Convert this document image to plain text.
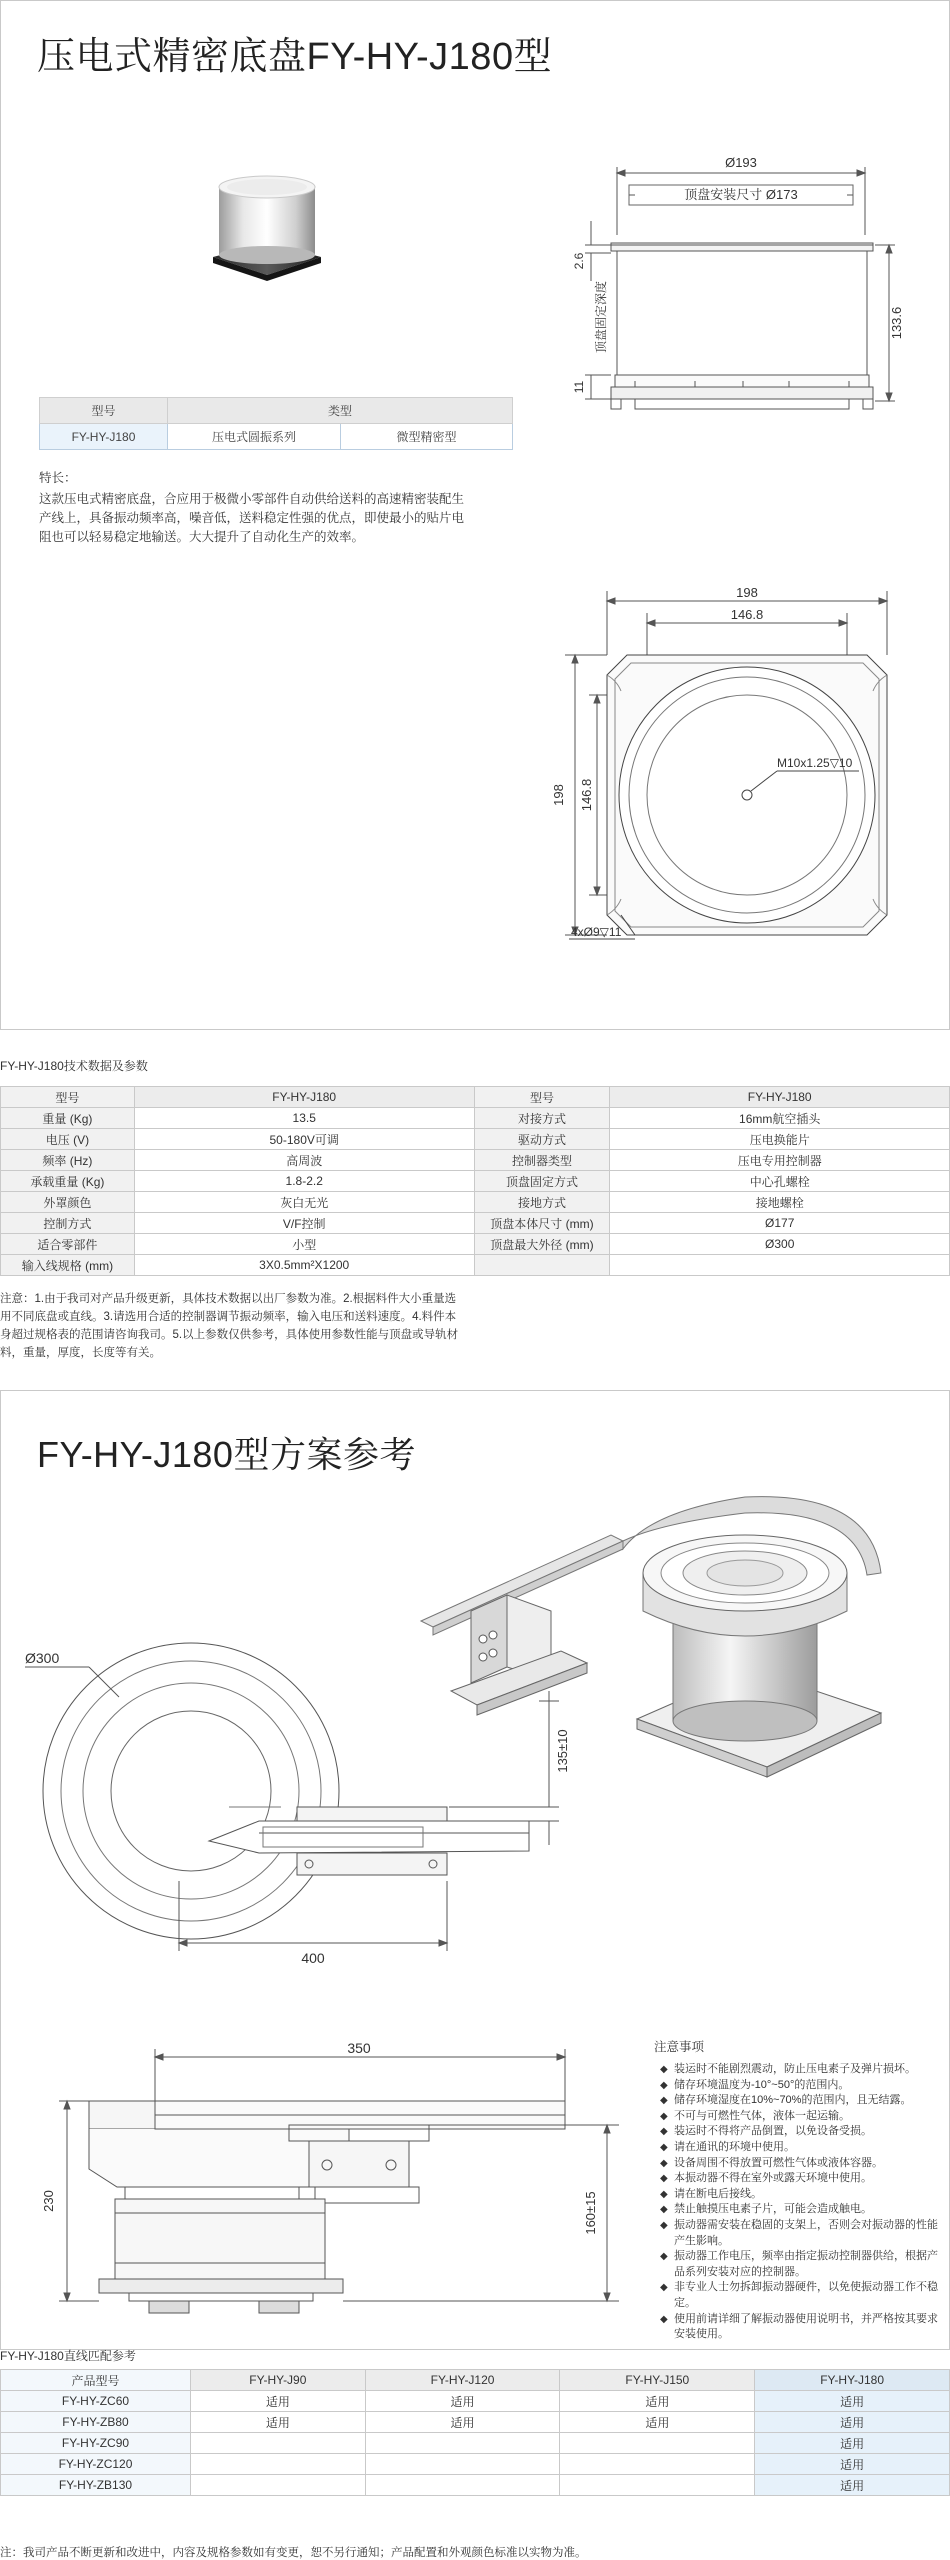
压电式精密底盘FY-HY-J180型
Ø193
顶盘安装尺寸 Ø173
133.6
2.6
顶盘固定深度
11
型号	类型	
FY-HY-J180	压电式圆振系列	微型精密型
特长：
这款压电式精密底盘，合应用于极微小零部件自动供给送料的高速精密装配生
产线上，具备振动频率高，噪音低，送料稳定性强的优点，即使最小的贴片电
阻也可以轻易稳定地输送。大大提升了自动化生产的效率。
198
146.8
198 146.8
M10x1.25▽10
4xØ9▽11
FY-HY-J180技术数据及参数
型号	FY-HY-J180	型号	FY-HY-J180
重量 (Kg)	13.5	对接方式	16mm航空插头
电压 (V)	50-180V可调	驱动方式	压电换能片
频率 (Hz)	高周波	控制器类型	压电专用控制器
承载重量 (Kg)	1.8-2.2	顶盘固定方式	中心孔螺栓
外罩颜色	灰白无光	接地方式	接地螺栓
控制方式	V/F控制	顶盘本体尺寸 (mm)	Ø177
适合零部件	小型	顶盘最大外径 (mm)	Ø300
输入线规格 (mm)	3X0.5mm²X1200		
注意：1.由于我司对产品升级更新，具体技术数据以出厂参数为准。2.根据料件大小重量选
用不同底盘或直线。3.请选用合适的控制器调节振动频率，输入电压和送料速度。4.料件本
身超过规格表的范围请咨询我司。5.以上参数仅供参考，具体使用参数性能与顶盘或导轨材
料，重量，厚度，长度等有关。
FY-HY-J180型方案参考
Ø300
400
135±10
350
230	160±15
注意事项
◆ 装运时不能剧烈震动，防止压电素子及弹片损坏。
◆ 储存环境温度为-10°~50°的范围内。
◆ 储存环境湿度在10%~70%的范围内，且无结露。
◆ 不可与可燃性气体，液体一起运输。
◆ 装运时不得将产品倒置，以免设备受损。
◆ 请在通讯的环境中使用。
◆ 设备周围不得放置可燃性气体或液体容器。
◆ 本振动器不得在室外或露天环境中使用。
◆ 请在断电后接线。
◆ 禁止触摸压电素子片，可能会造成触电。
◆ 振动器需安装在稳固的支架上，否则会对振动器的性能产生影响。
◆ 振动器工作电压，频率由指定振动控制器供给，根据产品系列安装对应的控制器。
◆ 非专业人士勿拆卸振动器硬件，以免使振动器工作不稳定。
◆ 使用前请详细了解振动器使用说明书，并严格按其要求安装使用。
FY-HY-J180直线匹配参考
产品型号	FY-HY-J90	FY-HY-J120	FY-HY-J150	FY-HY-J180
FY-HY-ZC60	适用	适用	适用	适用
FY-HY-ZB80	适用	适用	适用	适用
FY-HY-ZC90				适用
FY-HY-ZC120				适用
FY-HY-ZB130				适用
注：我司产品不断更新和改进中，内容及规格参数如有变更，恕不另行通知；产品配置和外观颜色标准以实物为准。
